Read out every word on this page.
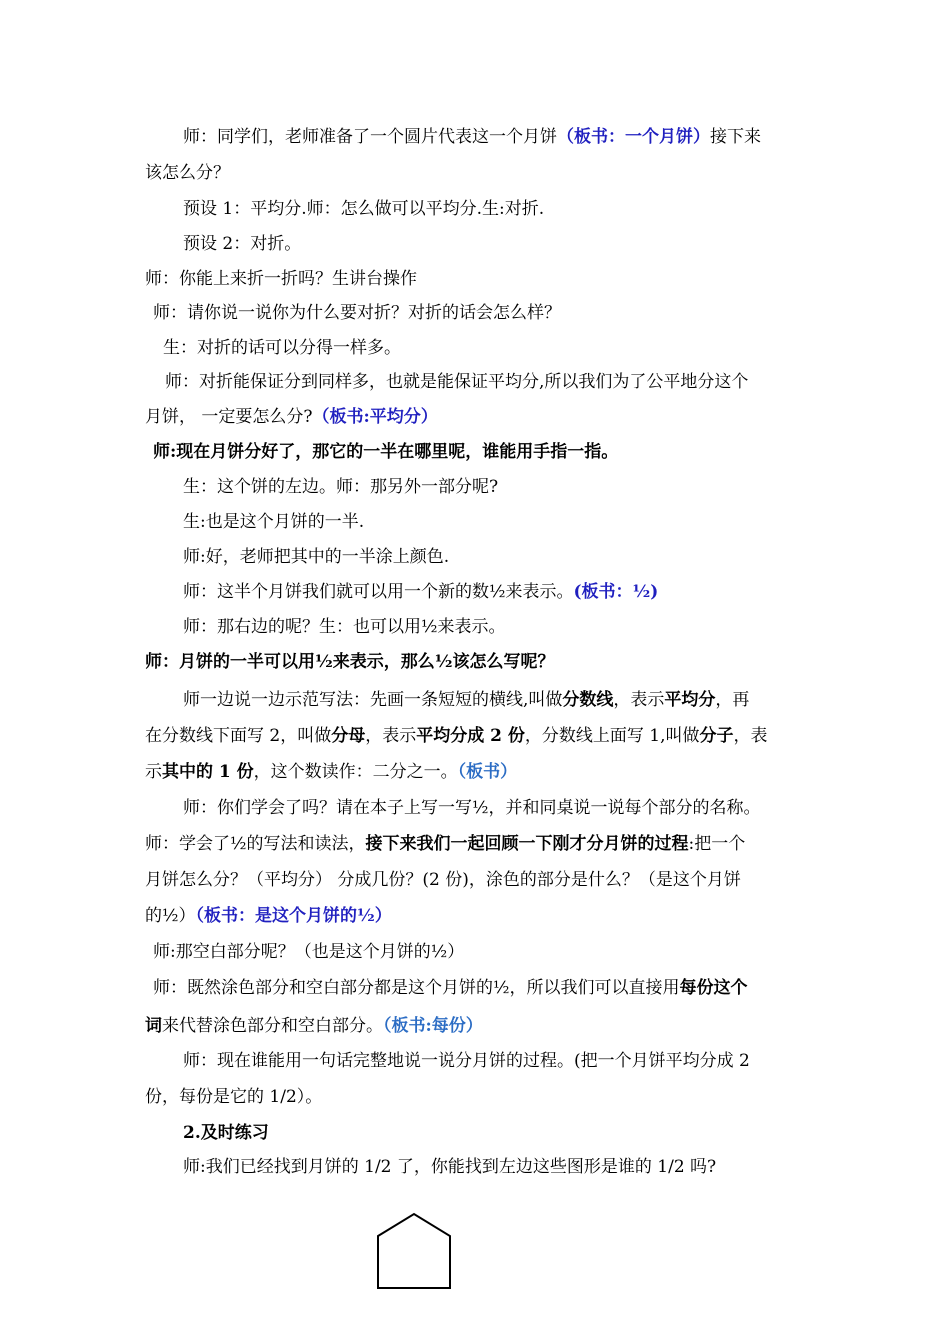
师：同学们，老师准备了一个圆片代表这一个月饼（板书：一个月饼）接下来
该怎么分？
预设 1：平均分.师：怎么做可以平均分.生:对折.
预设 2：对折。
师：你能上来折一折吗？生讲台操作
师：请你说一说你为什么要对折？对折的话会怎么样？
生：对折的话可以分得一样多。
师：对折能保证分到同样多，也就是能保证平均分,所以我们为了公平地分这个
月饼， 一定要怎么分?（板书:平均分）
师:现在月饼分好了，那它的一半在哪里呢，谁能用手指一指。
生：这个饼的左边。师：那另外一部分呢?
生:也是这个月饼的一半.
师:好，老师把其中的一半涂上颜色.
师：这半个月饼我们就可以用一个新的数½来表示。(板书：½)
师：那右边的呢？生：也可以用½来表示。
师：月饼的一半可以用½来表示，那么½该怎么写呢？
师一边说一边示范写法：先画一条短短的横线,叫做分数线，表示平均分，再
在分数线下面写 2，叫做分母，表示平均分成 2 份，分数线上面写 1,叫做分子，表
示其中的 1 份，这个数读作：二分之一。（板书）
师：你们学会了吗？请在本子上写一写½，并和同桌说一说每个部分的名称。
师：学会了½的写法和读法，接下来我们一起回顾一下刚才分月饼的过程:把一个
月饼怎么分？（平均分） 分成几份？(2 份)，涂色的部分是什么？（是这个月饼
的½）（板书：是这个月饼的½）
师:那空白部分呢？（也是这个月饼的½）
师：既然涂色部分和空白部分都是这个月饼的½，所以我们可以直接用每份这个
词来代替涂色部分和空白部分。（板书:每份）
师：现在谁能用一句话完整地说一说分月饼的过程。(把一个月饼平均分成 2
份，每份是它的 1/2）。
2.及时练习
师:我们已经找到月饼的 1/2 了，你能找到左边这些图形是谁的 1/2 吗?
